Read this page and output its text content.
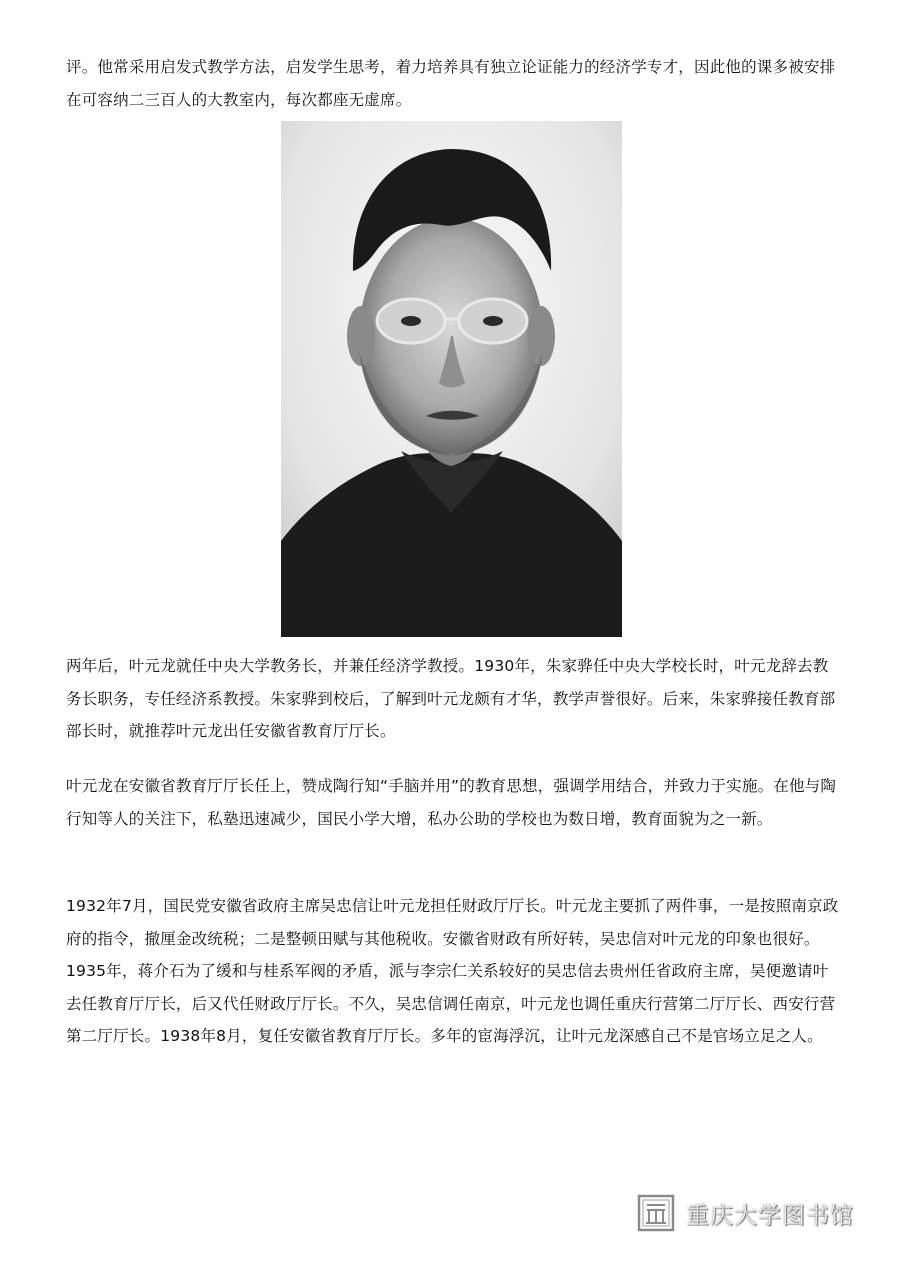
评。他常采用启发式教学方法，启发学生思考，着力培养具有独立论证能力的经济学专才，因此他的课多被安排在可容纳二三百人的大教室内，每次都座无虚席。

两年后，叶元龙就任中央大学教务长，并兼任经济学教授。1930年，朱家骅任中央大学校长时，叶元龙辞去教务长职务，专任经济系教授。朱家骅到校后，了解到叶元龙颇有才华，教学声誉很好。后来，朱家骅接任教育部部长时，就推荐叶元龙出任安徽省教育厅厅长。

叶元龙在安徽省教育厅厅长任上，赞成陶行知“手脑并用”的教育思想，强调学用结合，并致力于实施。在他与陶行知等人的关注下，私塾迅速减少，国民小学大增，私办公助的学校也为数日增，教育面貌为之一新。

1932年7月，国民党安徽省政府主席吴忠信让叶元龙担任财政厅厅长。叶元龙主要抓了两件事，一是按照南京政府的指令，撤厘金改统税；二是整顿田赋与其他税收。安徽省财政有所好转，吴忠信对叶元龙的印象也很好。1935年，蒋介石为了缓和与桂系军阀的矛盾，派与李宗仁关系较好的吴忠信去贵州任省政府主席，吴便邀请叶去任教育厅厅长，后又代任财政厅厅长。不久，吴忠信调任南京，叶元龙也调任重庆行营第二厅厅长、西安行营第二厅厅长。1938年8月，复任安徽省教育厅厅长。多年的宦海浮沉，让叶元龙深感自己不是官场立足之人。

重庆大学图书馆
